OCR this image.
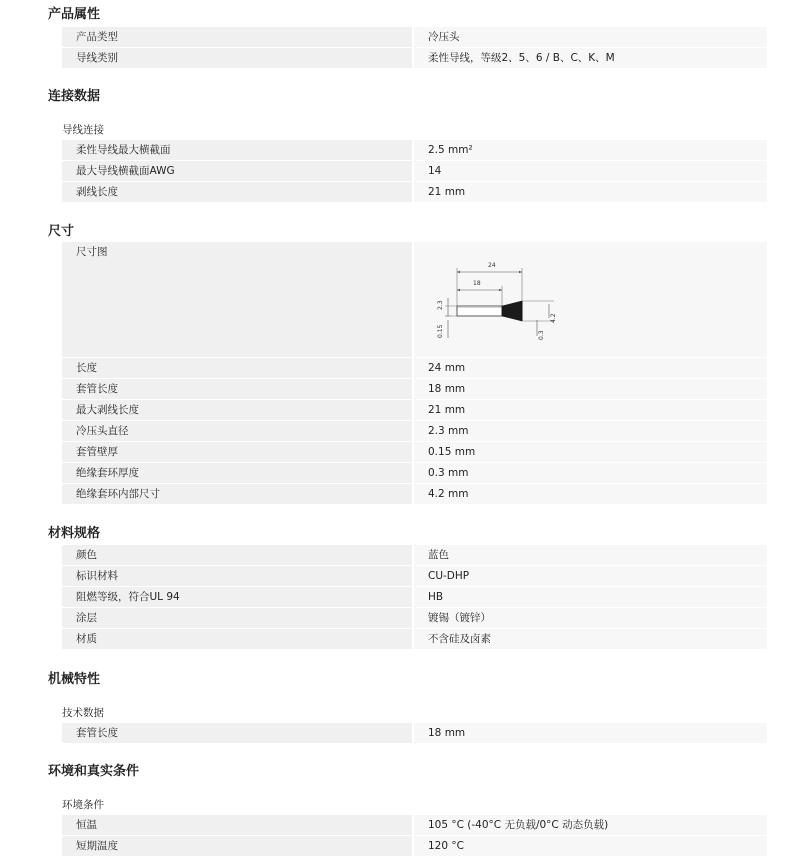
产品属性
产品类型	冷压头
导线类别	柔性导线，等级2、5、6 / B、C、K、M
连接数据
导线连接
柔性导线最大横截面	2.5 mm²
最大导线横截面AWG	14
剥线长度	21 mm
尺寸
尺寸图
24
18
2.3
0.15
4.2
0.3
长度	24 mm
套管长度	18 mm
最大剥线长度	21 mm
冷压头直径	2.3 mm
套管壁厚	0.15 mm
绝缘套环厚度	0.3 mm
绝缘套环内部尺寸	4.2 mm
材料规格
颜色	蓝色
标识材料	CU-DHP
阻燃等级，符合UL 94	HB
涂层	镀锡（镀锌）
材质	不含硅及卤素
机械特性
技术数据
套管长度	18 mm
环境和真实条件
环境条件
恒温	105 °C (-40°C 无负载/0°C 动态负载)
短期温度	120 °C
